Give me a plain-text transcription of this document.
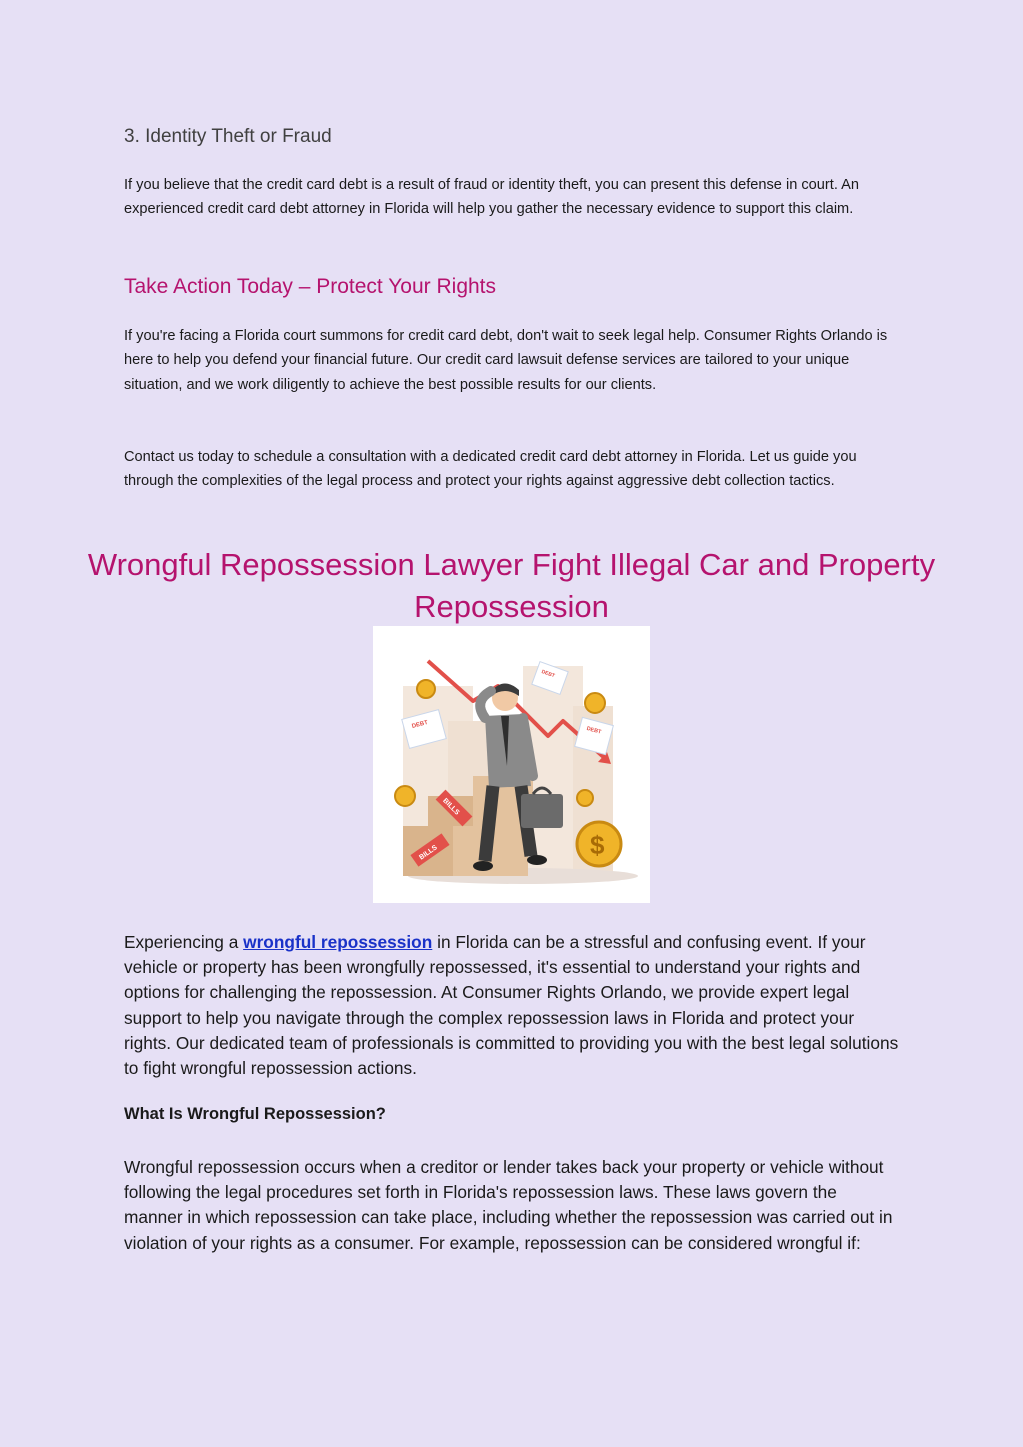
3. Identity Theft or Fraud

If you believe that the credit card debt is a result of fraud or identity theft, you can present this defense in court. An experienced credit card debt attorney in Florida will help you gather the necessary evidence to support this claim.

Take Action Today – Protect Your Rights

If you're facing a Florida court summons for credit card debt, don't wait to seek legal help. Consumer Rights Orlando is here to help you defend your financial future. Our credit card lawsuit defense services are tailored to your unique situation, and we work diligently to achieve the best possible results for our clients.

Contact us today to schedule a consultation with a dedicated credit card debt attorney in Florida. Let us guide you through the complexities of the legal process and protect your rights against aggressive debt collection tactics.

Wrongful Repossession Lawyer Fight Illegal Car and Property Repossession
DEBT
DEBT
DEBT
BILLS
BILLS	$

Experiencing a wrongful repossession in Florida can be a stressful and confusing event. If your vehicle or property has been wrongfully repossessed, it's essential to understand your rights and options for challenging the repossession. At Consumer Rights Orlando, we provide expert legal support to help you navigate through the complex repossession laws in Florida and protect your rights. Our dedicated team of professionals is committed to providing you with the best legal solutions to fight wrongful repossession actions.

What Is Wrongful Repossession?

Wrongful repossession occurs when a creditor or lender takes back your property or vehicle without following the legal procedures set forth in Florida's repossession laws. These laws govern the manner in which repossession can take place, including whether the repossession was carried out in violation of your rights as a consumer. For example, repossession can be considered wrongful if:
